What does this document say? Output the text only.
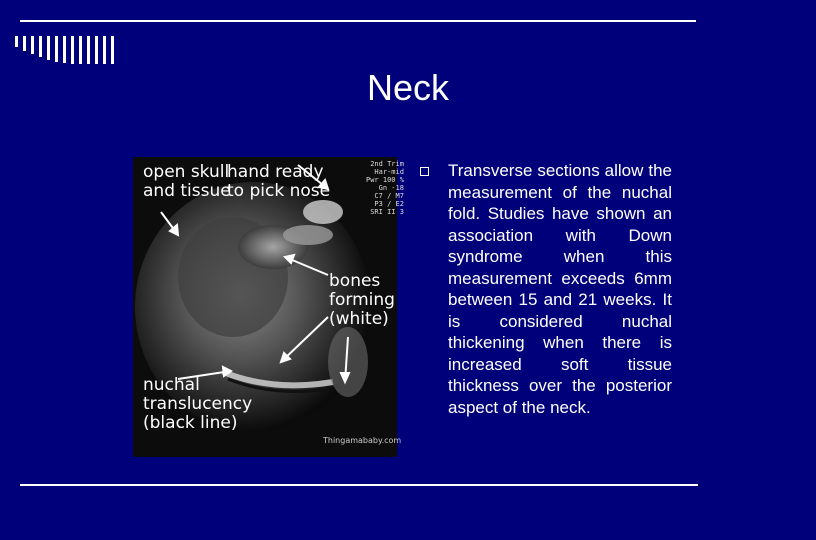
Neck
open skull
and tissue
hand ready
to pick nose
bones
forming
(white)
nuchal
translucency
(black line)
2nd Trim
Har-mid
Pwr 100 %
Gn -18
C7 / M7
P3 / E2
SRI II 3
Thingamababy.com
Transverse sections allow the measurement of the nuchal fold. Studies have shown an association with Down syndrome when this measurement exceeds 6mm between 15 and 21 weeks. It is considered nuchal thickening when there is increased soft tissue thickness over the posterior aspect of the neck.
